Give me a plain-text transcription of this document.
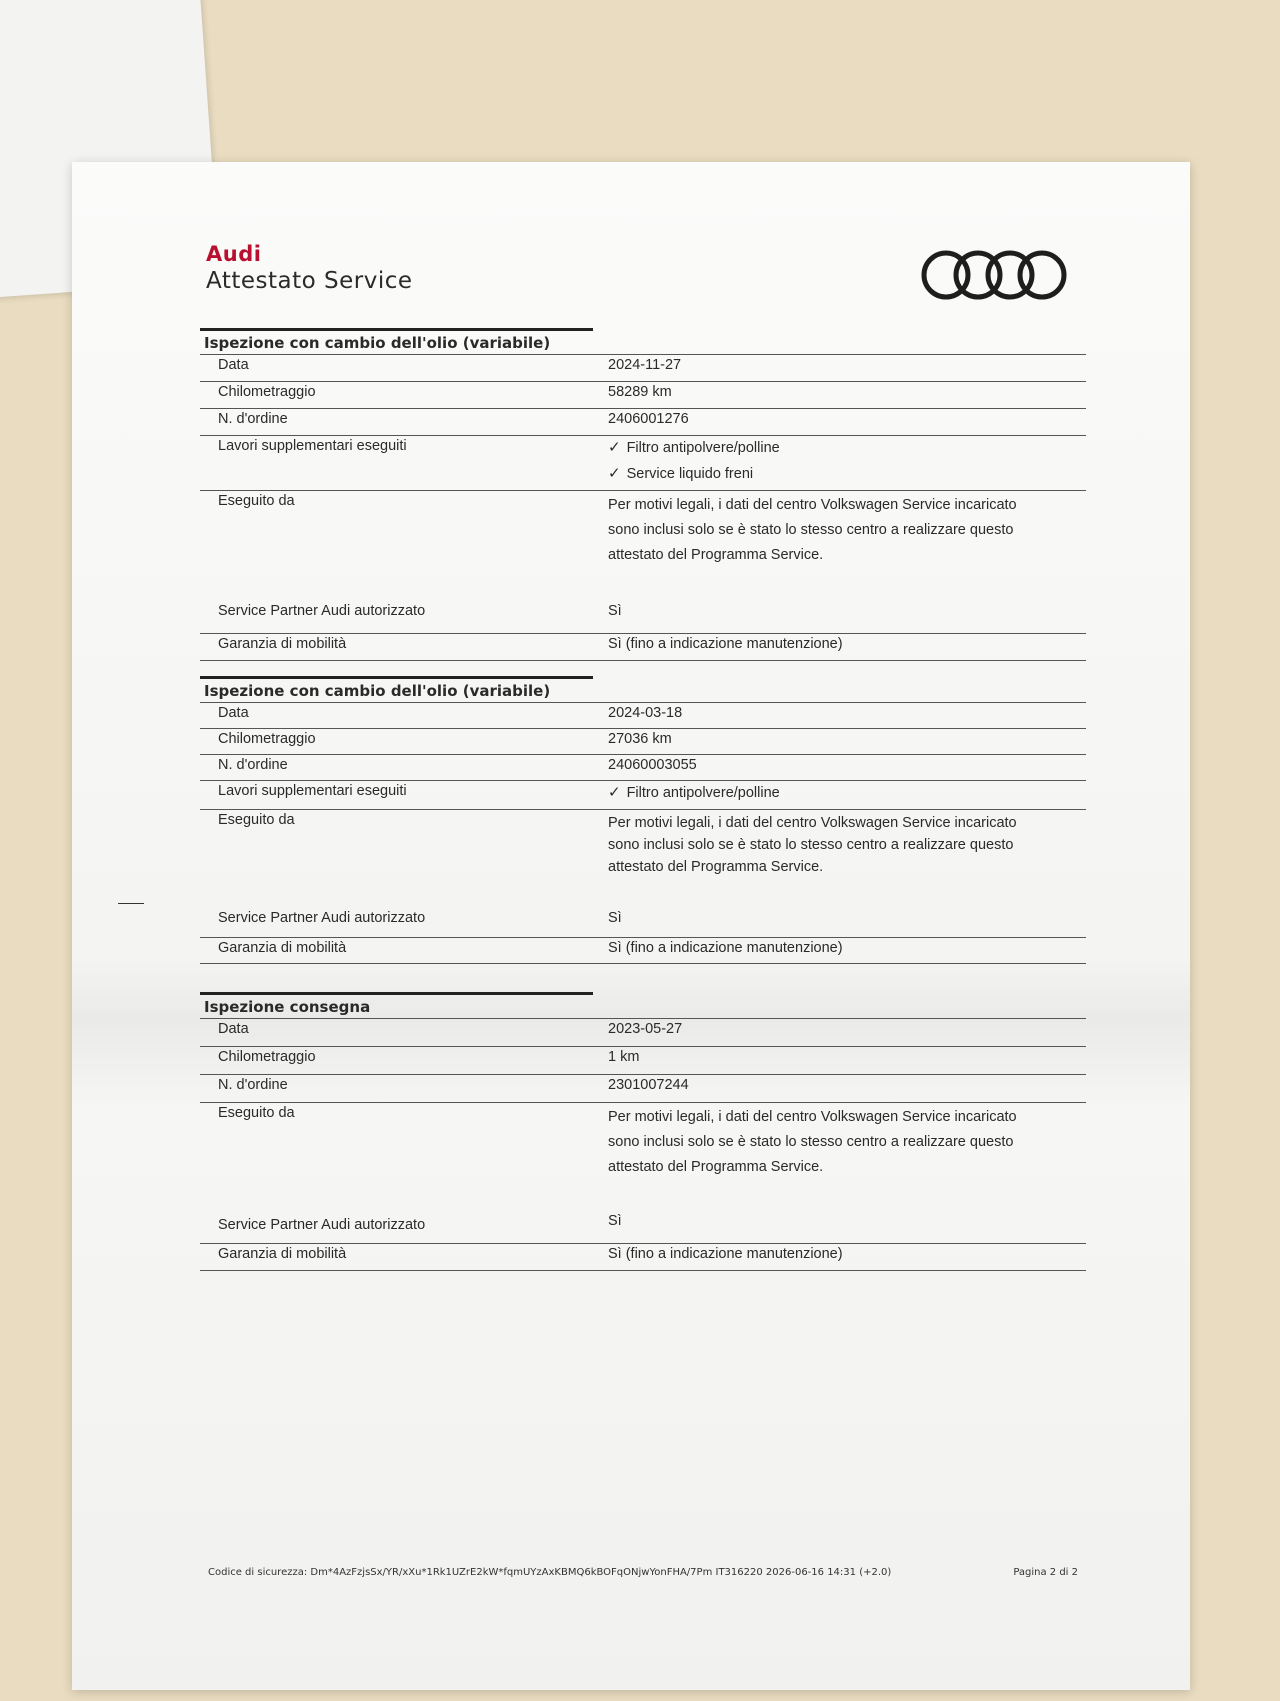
Audi
Attestato Service
Ispezione con cambio dell'olio (variabile)
Data	2024-11-27
Chilometraggio	58289 km
N. d'ordine	2406001276
Lavori supplementari eseguiti	✓ Filtro antipolvere/polline
✓ Service liquido freni
Eseguito da	Per motivi legali, i dati del centro Volkswagen Service incaricato sono inclusi solo se è stato lo stesso centro a realizzare questo attestato del Programma Service.
Service Partner Audi autorizzato	Sì
Garanzia di mobilità	Sì (fino a indicazione manutenzione)
Ispezione con cambio dell'olio (variabile)
Data	2024-03-18
Chilometraggio	27036 km
N. d'ordine	24060003055
Lavori supplementari eseguiti	✓ Filtro antipolvere/polline
Eseguito da	Per motivi legali, i dati del centro Volkswagen Service incaricato sono inclusi solo se è stato lo stesso centro a realizzare questo attestato del Programma Service.
Service Partner Audi autorizzato	Sì
Garanzia di mobilità	Sì (fino a indicazione manutenzione)
Ispezione consegna
Data	2023-05-27
Chilometraggio	1 km
N. d'ordine	2301007244
Eseguito da	Per motivi legali, i dati del centro Volkswagen Service incaricato sono inclusi solo se è stato lo stesso centro a realizzare questo attestato del Programma Service.
Service Partner Audi autorizzato	Sì
Garanzia di mobilità	Sì (fino a indicazione manutenzione)
Codice di sicurezza: Dm*4AzFzjsSx/YR/xXu*1Rk1UZrE2kW*fqmUYzAxKBMQ6kBOFqONjwYonFHA/7Pm IT316220 2026-06-16 14:31 (+2.0)	Pagina 2 di 2
